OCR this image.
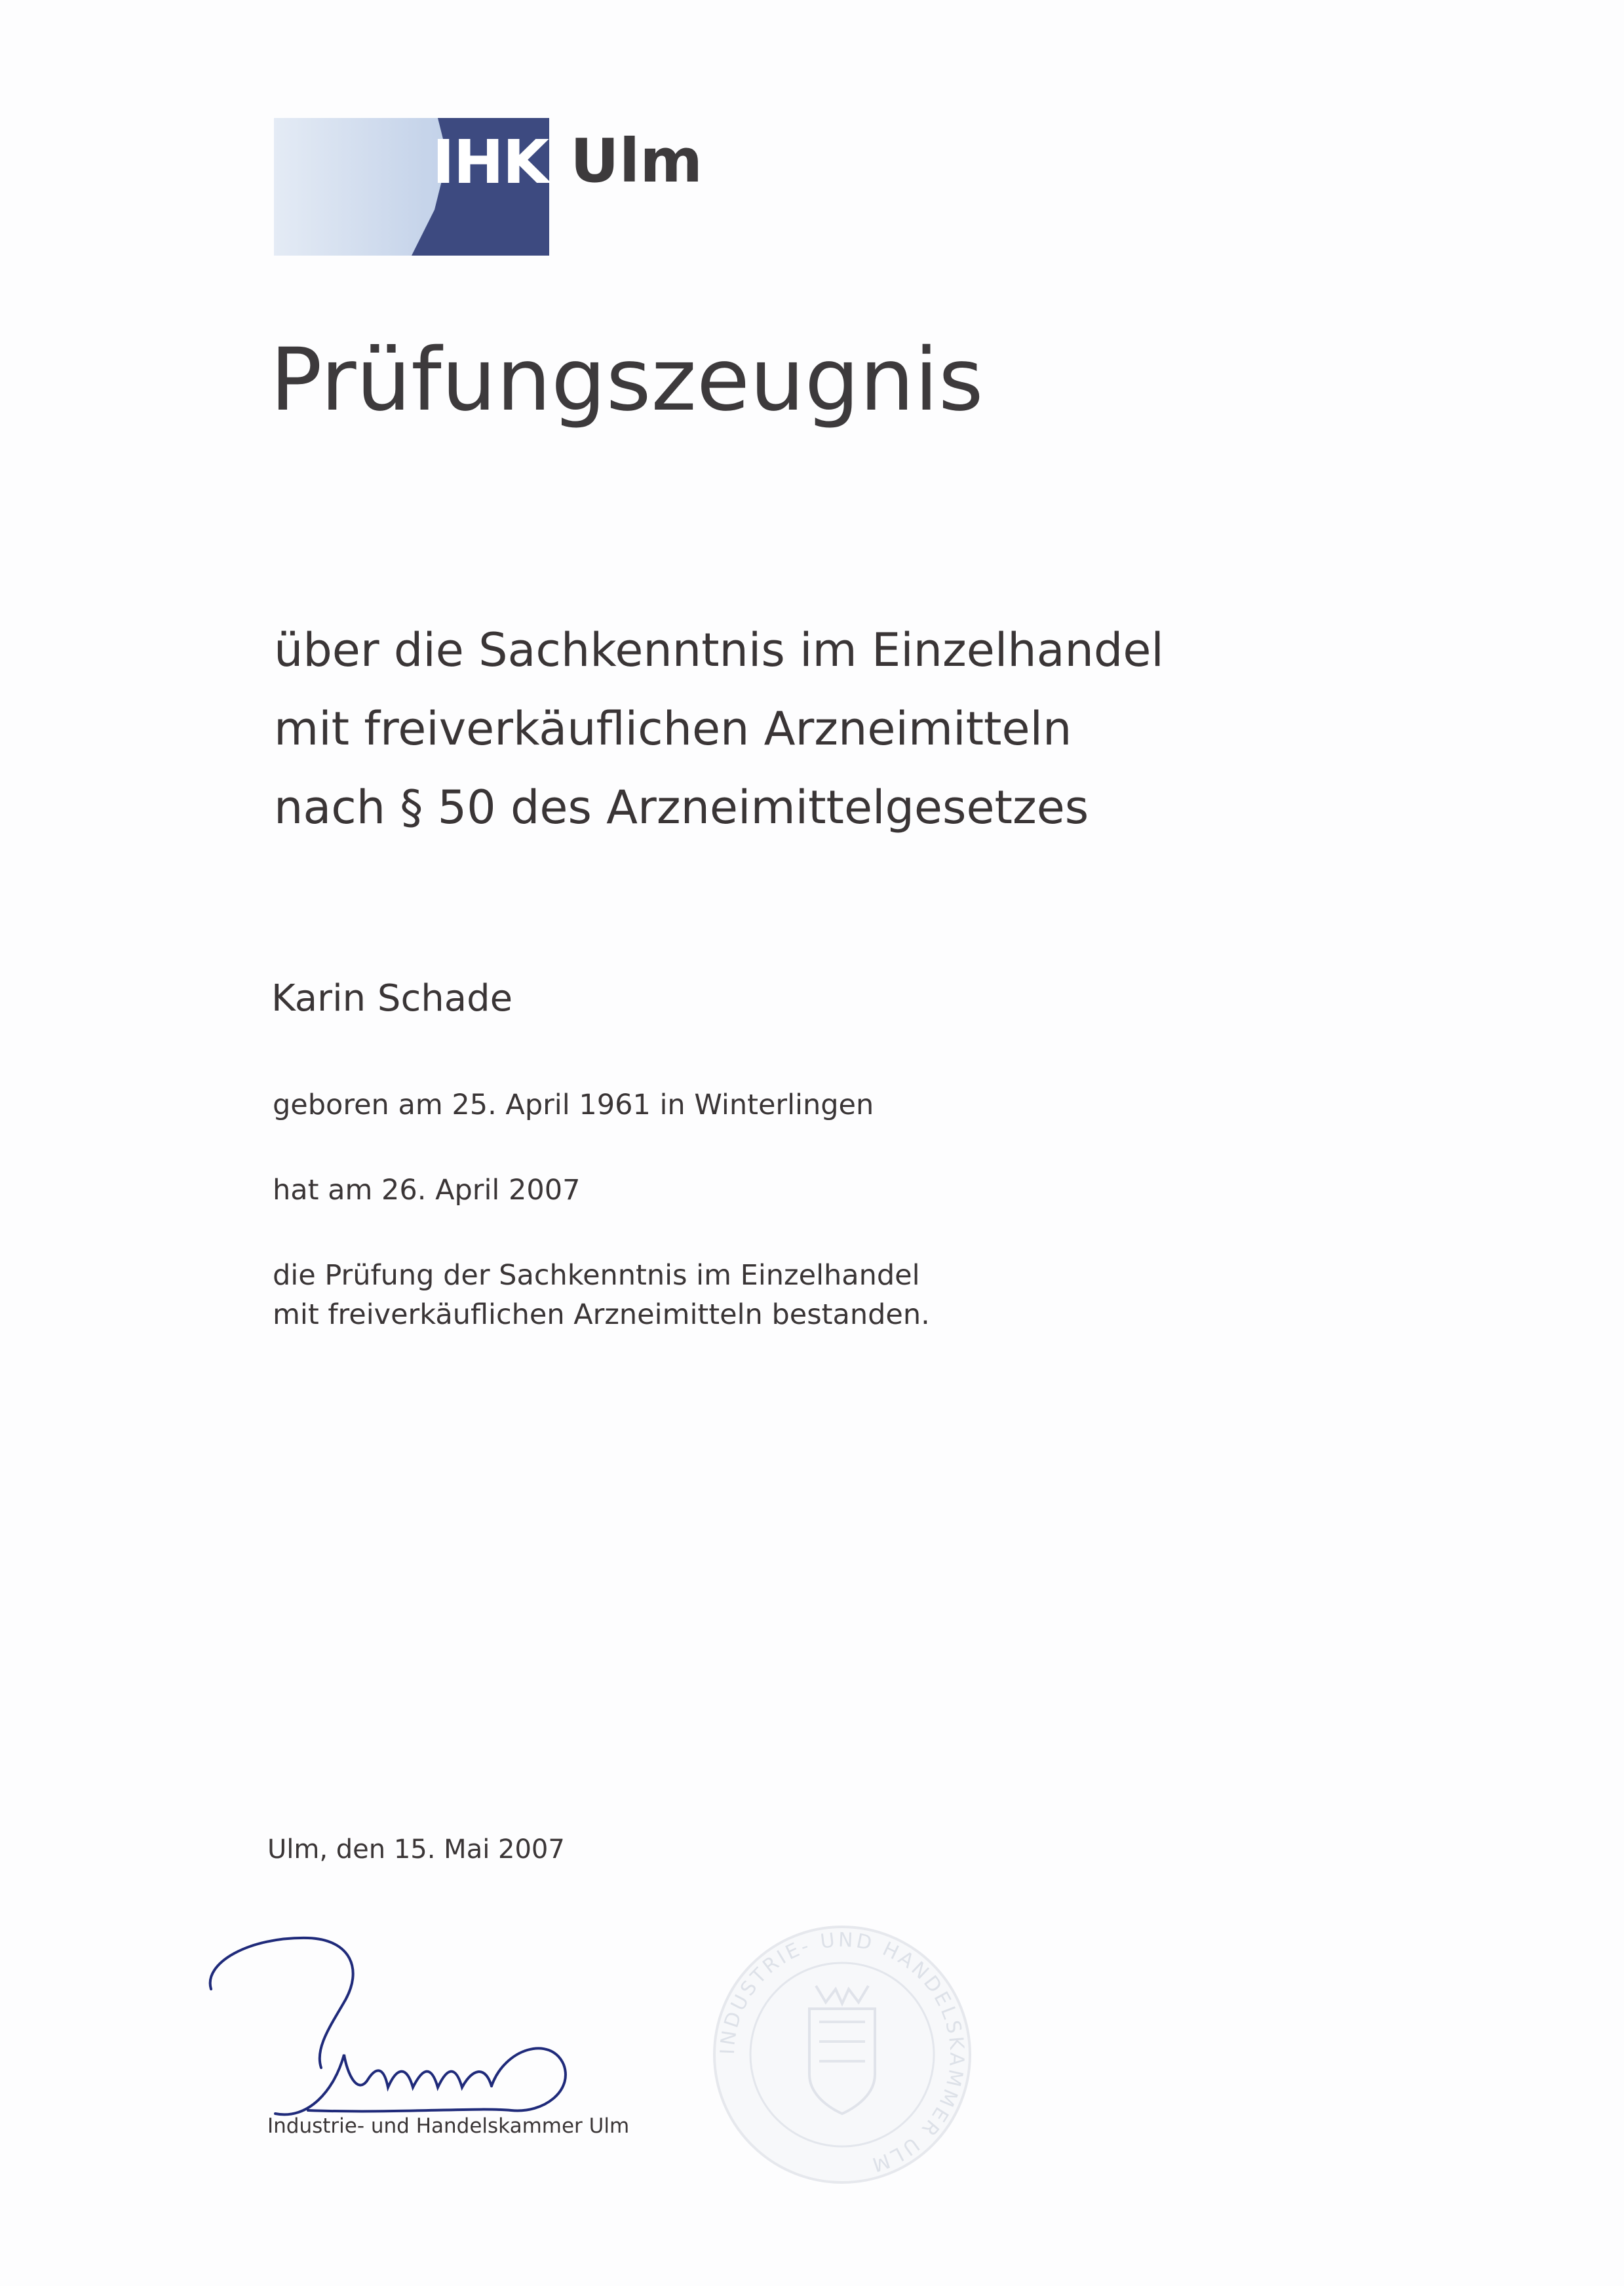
IHK Ulm
Prüfungszeugnis
über die Sachkenntnis im Einzelhandel
mit freiverkäuflichen Arzneimitteln
nach § 50 des Arzneimittelgesetzes
Karin Schade
geboren am 25. April 1961 in Winterlingen
hat am 26. April 2007
die Prüfung der Sachkenntnis im Einzelhandel
mit freiverkäuflichen Arzneimitteln bestanden.
Ulm, den 15. Mai 2007
Industrie- und Handelskammer Ulm
INDUSTRIE- UND HANDELSKAMMER ULM
